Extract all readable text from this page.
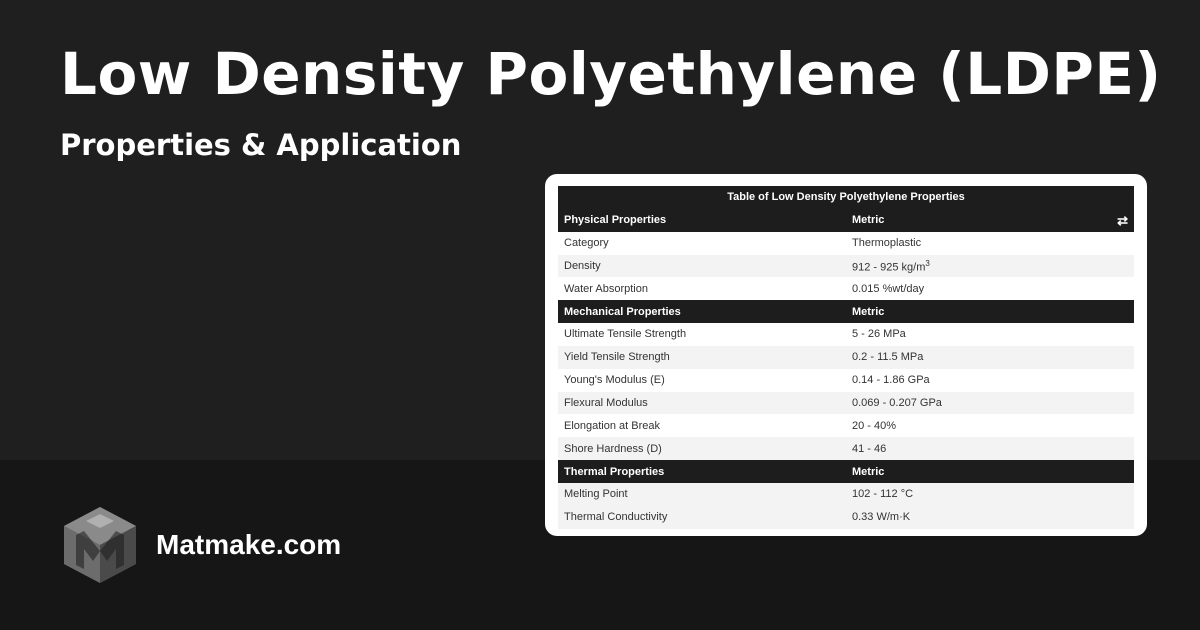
Low Density Polyethylene (LDPE)
Properties & Application
Matmake.com
Table of Low Density Polyethylene Properties	
Physical Properties	Metric ⇄

Category	Thermoplastic
Density	912 - 925 $kg/m^3$
Water Absorption	0.015 %wt/day
Mechanical Properties	Metric
Ultimate Tensile Strength	5 - 26 MPa
Yield Tensile Strength	0.2 - 11.5 MPa
Young's Modulus (E)	0.14 - 1.86 GPa
Flexural Modulus	0.069 - 0.207 GPa
Elongation at Break	20 - 40%
Shore Hardness (D)	41 - 46
Thermal Properties	Metric
Melting Point	102 - 112 °C
Thermal Conductivity	0.33 W/m·K
